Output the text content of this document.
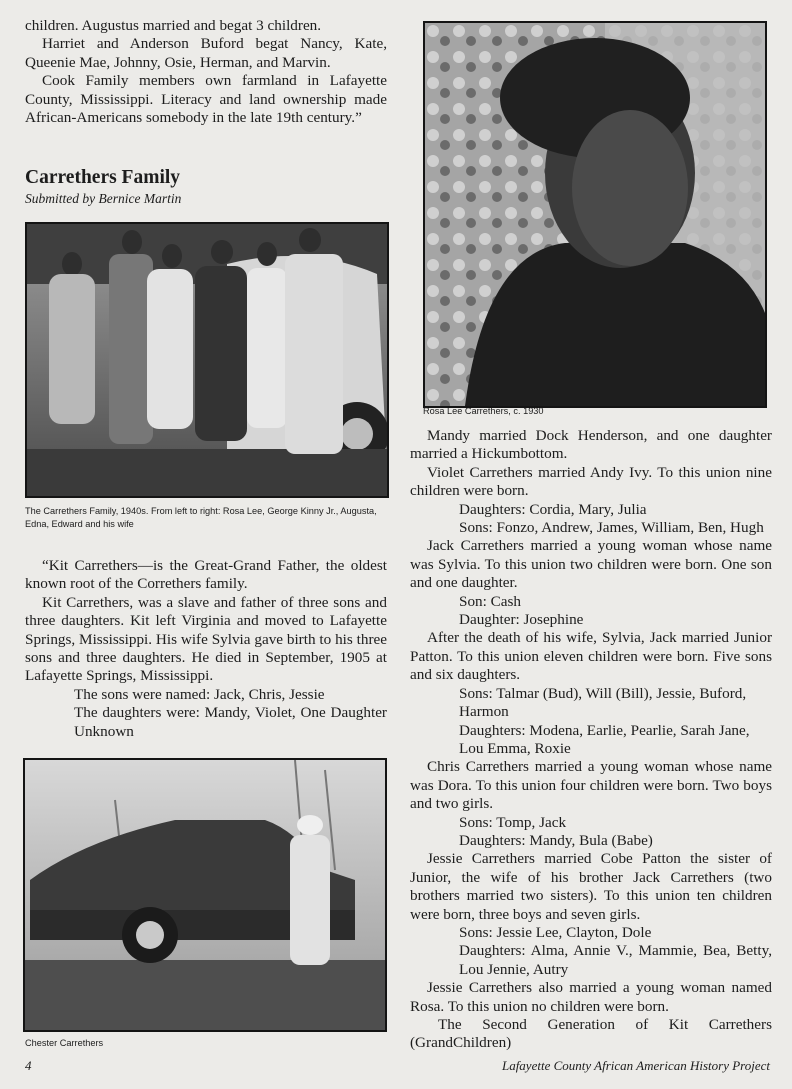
children. Augustus married and begat 3 children.

Harriet and Anderson Buford begat Nancy, Kate, Queenie Mae, Johnny, Osie, Herman, and Marvin.

Cook Family members own farmland in Lafayette County, Mississippi. Literacy and land ownership made African-Americans somebody in the late 19th century.”

Carrethers Family
Submitted by Bernice Martin
The Carrethers Family, 1940s. From left to right: Rosa Lee, George Kinny Jr., Augusta, Edna, Edward and his wife

“Kit Carrethers—is the Great-Grand Father, the oldest known root of the Correthers family.

Kit Carrethers, was a slave and father of three sons and three daughters. Kit left Virginia and moved to Lafayette Springs, Mississippi. His wife Sylvia gave birth to his three sons and three daughters. He died in September, 1905 at Lafayette Springs, Mississippi.

The sons were named: Jack, Chris, Jessie

The daughters were: Mandy, Violet, One Daughter Unknown

Chester Carrethers
Rosa Lee Carrethers, c. 1930

Mandy married Dock Henderson, and one daughter married a Hickumbottom.

Violet Carrethers married Andy Ivy. To this union nine children were born.

Daughters: Cordia, Mary, Julia

Sons: Fonzo, Andrew, James, William, Ben, Hugh

Jack Carrethers married a young woman whose name was Sylvia. To this union two children were born. One son and one daughter.

Son: Cash

Daughter: Josephine

After the death of his wife, Sylvia, Jack married Junior Patton. To this union eleven children were born. Five sons and six daughters.

Sons: Talmar (Bud), Will (Bill), Jessie, Buford, Harmon

Daughters: Modena, Earlie, Pearlie, Sarah Jane, Lou Emma, Roxie

Chris Carrethers married a young woman whose name was Dora. To this union four children were born. Two boys and two girls.

Sons: Tomp, Jack

Daughters: Mandy, Bula (Babe)

Jessie Carrethers married Cobe Patton the sister of Junior, the wife of his brother Jack Carrethers (two brothers married two sisters). To this union ten children were born, three boys and seven girls.

Sons: Jessie Lee, Clayton, Dole

Daughters: Alma, Annie V., Mammie, Bea, Betty, Lou Jennie, Autry

Jessie Carrethers also married a young woman named Rosa. To this union no children were born.

The Second Generation of Kit Carrethers (GrandChildren)

4	Lafayette County African American History Project
